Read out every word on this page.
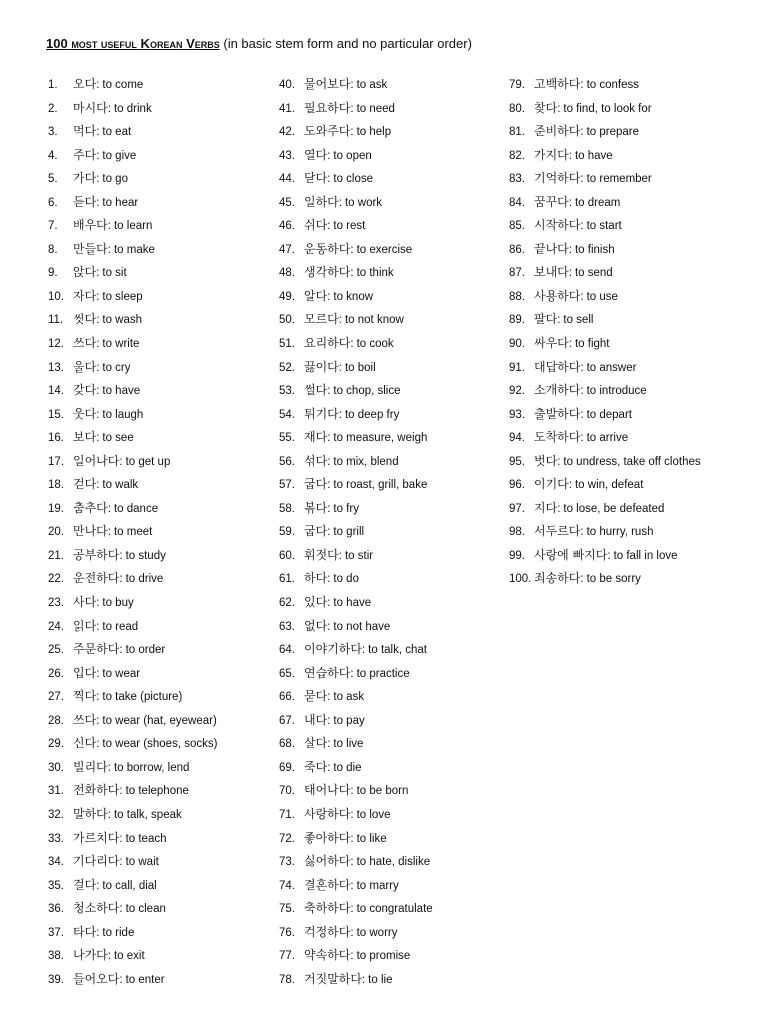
100 most useful Korean Verbs (in basic stem form and no particular order)
1.	오다 : to come
2.	마시다 : to drink
3.	먹다 : to eat
4.	주다 : to give
5.	가다 : to go
6.	듣다 : to hear
7.	배우다 : to learn
8.	만들다 : to make
9.	앉다 : to sit
10. 자다 : to sleep
11. 씻다 : to wash
12. 쓰다 : to write
13. 울다 : to cry
14. 갖다 : to have
15. 웃다 : to laugh
16. 보다 : to see
17. 일어나다 : to get up
18. 걷다 : to walk
19. 춤추다 : to dance
20. 만나다 : to meet
21. 공부하다 : to study
22. 운전하다 : to drive
23. 사다 : to buy
24. 읽다 : to read
25. 주문하다 : to order
26. 입다 : to wear
27. 찍다 : to take (picture)
28. 쓰다 : to wear (hat, eyewear)
29. 신다 : to wear (shoes, socks)
30. 빌리다 : to borrow, lend
31. 전화하다 : to telephone
32. 말하다 : to talk, speak
33. 가르치다 : to teach
34. 기다리다 : to wait
35. 걸다 : to call, dial
36. 청소하다 : to clean
37. 타다 : to ride
38. 나가다 : to exit
39. 들어오다 : to enter
40. 물어보다 : to ask
41. 필요하다 : to need
42. 도와주다 : to help
43. 열다 : to open
44. 닫다 : to close
45. 일하다 : to work
46. 쉬다 : to rest
47. 운동하다 : to exercise
48. 생각하다 : to think
49. 알다 : to know
50. 모르다 : to not know
51. 요리하다 : to cook
52. 끓이다 : to boil
53. 썰다 : to chop, slice
54. 튀기다 : to deep fry
55. 재다 : to measure, weigh
56. 섞다 : to mix, blend
57. 굽다 : to roast, grill, bake
58. 볶다 : to fry
59. 굽다 : to grill
60. 휘젓다 : to stir
61. 하다 : to do
62. 있다 : to have
63. 없다 : to not have
64. 이야기하다 : to talk, chat
65. 연습하다 : to practice
66. 묻다 : to ask
67. 내다 : to pay
68. 살다 : to live
69. 죽다 : to die
70. 태어나다 : to be born
71. 사랑하다 : to love
72. 좋아하다 : to like
73. 싫어하다 : to hate, dislike
74. 결혼하다 : to marry
75. 축하하다 : to congratulate
76. 걱정하다 : to worry
77. 약속하다 : to promise
78. 거짓말하다 : to lie
79. 고백하다 : to confess
80. 찾다 : to find, to look for
81. 준비하다 : to prepare
82. 가지다 : to have
83. 기억하다 : to remember
84. 꿈꾸다 : to dream
85. 시작하다 : to start
86. 끝나다 : to finish
87. 보내다 : to send
88. 사용하다 : to use
89. 팔다 : to sell
90. 싸우다 : to fight
91. 대답하다 : to answer
92. 소개하다 : to introduce
93. 출발하다 : to depart
94. 도착하다 : to arrive
95. 벗다 : to undress, take off clothes
96. 이기다 : to win, defeat
97. 지다 : to lose, be defeated
98. 서두르다 : to hurry, rush
99. 사랑에 빠지다 : to fall in love
100. 죄송하다 : to be sorry
